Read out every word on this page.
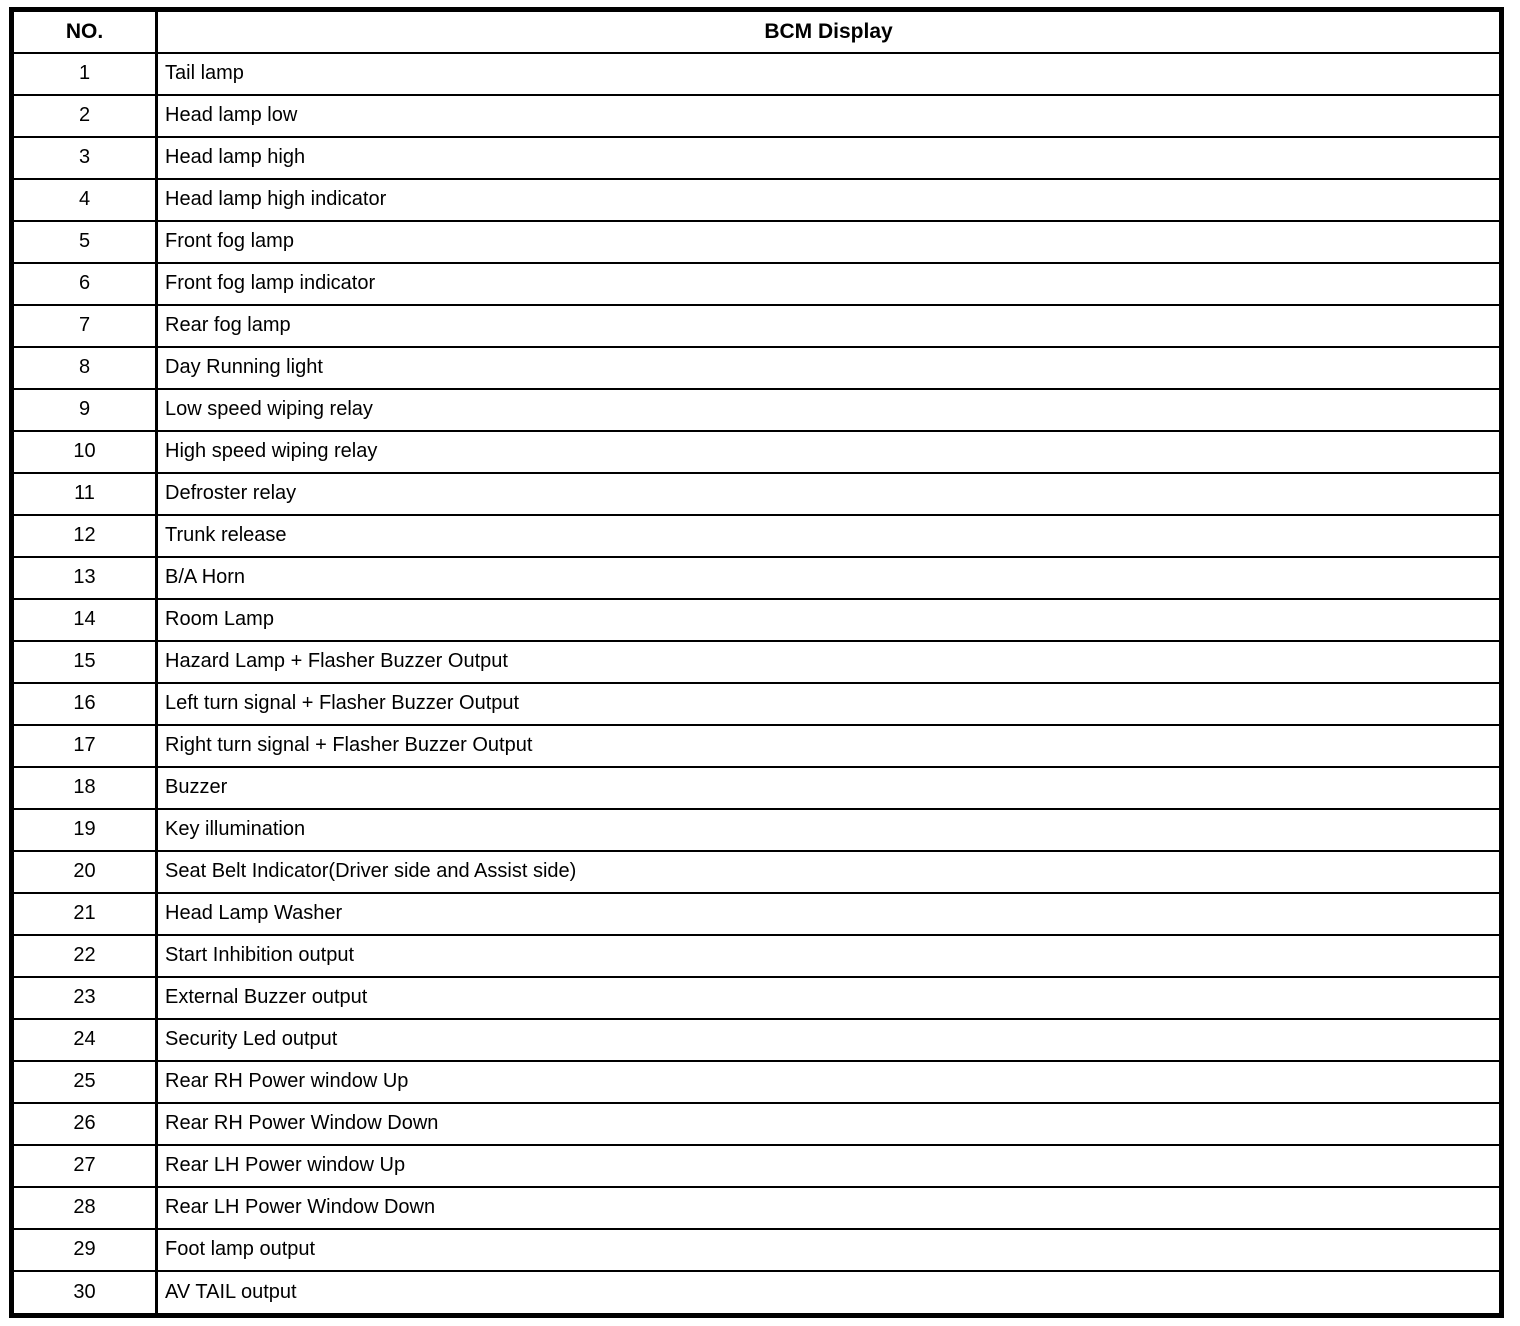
NO.	BCM Display
1	Tail lamp
2	Head lamp low
3	Head lamp high
4	Head lamp high indicator
5	Front fog lamp
6	Front fog lamp indicator
7	Rear fog lamp
8	Day Running light
9	Low speed wiping relay
10	High speed wiping relay
11	Defroster relay
12	Trunk release
13	B/A Horn
14	Room Lamp
15	Hazard Lamp + Flasher Buzzer Output
16	Left turn signal + Flasher Buzzer Output
17	Right turn signal + Flasher Buzzer Output
18	Buzzer
19	Key illumination
20	Seat Belt Indicator(Driver side and Assist side)
21	Head Lamp Washer
22	Start Inhibition output
23	External Buzzer output
24	Security Led output
25	Rear RH Power window Up
26	Rear RH Power Window Down
27	Rear LH Power window Up
28	Rear LH Power Window Down
29	Foot lamp output
30	AV TAIL output
